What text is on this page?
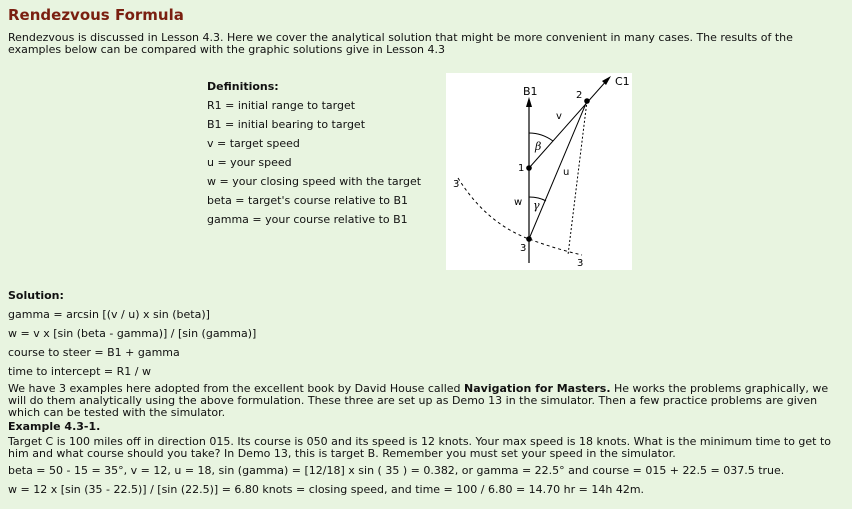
Rendezvous Formula
Rendezvous is discussed in Lesson 4.3. Here we cover the analytical solution that might be more convenient in many cases. The results of the examples below can be compared with the graphic solutions give in Lesson 4.3
Definitions:
R1 = initial range to target
B1 = initial bearing to target
v = target speed
u = your speed
w = your closing speed with the target
beta = target's course relative to B1
gamma = your course relative to B1
B1
C1
2
1
3
3
3
v
u
w
β
γ
Solution:
gamma = arcsin [(v / u) x sin (beta)]
w = v x [sin (beta - gamma)] / [sin (gamma)]
course to steer = B1 + gamma
time to intercept = R1 / w
We have 3 examples here adopted from the excellent book by David House called Navigation for Masters. He works the problems graphically, we will do them analytically using the above formulation. These three are set up as Demo 13 in the simulator. Then a few practice problems are given which can be tested with the simulator.
Example 4.3-1.
Target C is 100 miles off in direction 015. Its course is 050 and its speed is 12 knots. Your max speed is 18 knots. What is the minimum time to get to him and what course should you take? In Demo 13, this is target B. Remember you must set your speed in the simulator.
beta = 50 - 15 = 35°, v = 12, u = 18, sin (gamma) = [12/18] x sin ( 35 ) = 0.382, or gamma = 22.5° and course = 015 + 22.5 = 037.5 true.
w = 12 x [sin (35 - 22.5)] / [sin (22.5)] = 6.80 knots = closing speed, and time = 100 / 6.80 = 14.70 hr = 14h 42m.
